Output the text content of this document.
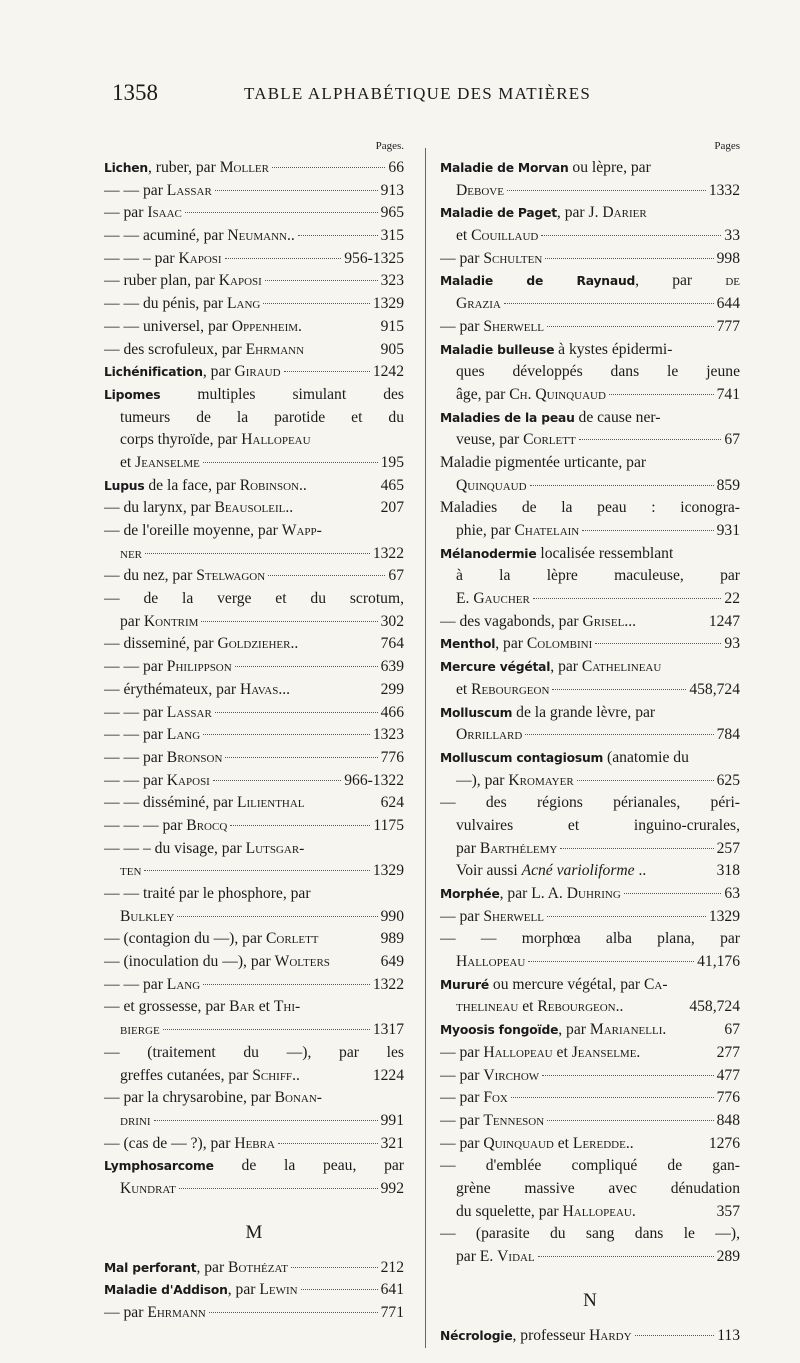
1358	TABLE ALPHABÉTIQUE DES MATIÈRES
Pages.
Lichen, ruber, par Moller	66
— — par Lassar	913
— par Isaac	965
— — acuminé, par Neumann..	315
— — – par Kaposi	956-1325
— ruber plan, par Kaposi	323
— — du pénis, par Lang	1329
— — universel, par Oppenheim.	915
— des scrofuleux, par Ehrmann	905
Lichénification, par Giraud	1242
Lipomes multiples simulant des
tumeurs de la parotide et du
corps thyroïde, par Hallopeau
et Jeanselme	195
Lupus de la face, par Robinson..	465
— du larynx, par Beausoleil..	207
— de l'oreille moyenne, par Wapp-
ner	1322
— du nez, par Stelwagon	67
— de la verge et du scrotum,
par Kontrim	302
— disseminé, par Goldzieher..	764
— — par Philippson	639
— érythémateux, par Havas...	299
— — par Lassar	466
— — par Lang	1323
— — par Bronson	776
— — par Kaposi	966-1322
— — disséminé, par Lilienthal	624
— — — par Brocq	1175
— — – du visage, par Lutsgar-
ten	1329
— — traité par le phosphore, par
Bulkley	990
— (contagion du —), par Corlett	989
— (inoculation du —), par Wolters	649
— — par Lang	1322
— et grossesse, par Bar et Thi-
bierge	1317
— (traitement du —), par les
greffes cutanées, par Schiff..	1224
— par la chrysarobine, par Bonan-
drini	991
— (cas de — ?), par Hebra	321
Lymphosarcome de la peau, par
Kundrat	992
M
Mal perforant, par Bothézat	212
Maladie d'Addison, par Lewin	641
— par Ehrmann	771
Pages
Maladie de Morvan ou lèpre, par
Debove	1332
Maladie de Paget, par J. Darier
et Couillaud	33
— par Schulten	998
Maladie de Raynaud, par de
Grazia	644
— par Sherwell	777
Maladie bulleuse à kystes épidermi-
ques développés dans le jeune
âge, par Ch. Quinquaud	741
Maladies de la peau de cause ner-
veuse, par Corlett	67
Maladie pigmentée urticante, par
Quinquaud	859
Maladies de la peau : iconogra-
phie, par Chatelain	931
Mélanodermie localisée ressemblant
à la lèpre maculeuse, par
E. Gaucher	22
— des vagabonds, par Grisel...	1247
Menthol, par Colombini	93
Mercure végétal, par Cathelineau
et Rebourgeon	458,724
Molluscum de la grande lèvre, par
Orrillard	784
Molluscum contagiosum (anatomie du
—), par Kromayer	625
— des régions périanales, péri-
vulvaires et inguino-crurales,
par Barthélemy	257
Voir aussi Acné varioliforme ..	318
Morphée, par L. A. Duhring	63
— par Sherwell	1329
— — morphœa alba plana, par
Hallopeau	41,176
Mururé ou mercure végétal, par Ca-
thelineau et Rebourgeon..	458,724
Myoosis fongoïde, par Marianelli.	67
— par Hallopeau et Jeanselme.	277
— par Virchow	477
— par Fox	776
— par Tenneson	848
— par Quinquaud et Leredde..	1276
— d'emblée compliqué de gan-
grène massive avec dénudation
du squelette, par Hallopeau.	357
— (parasite du sang dans le —),
par E. Vidal	289
N
Nécrologie, professeur Hardy	113
